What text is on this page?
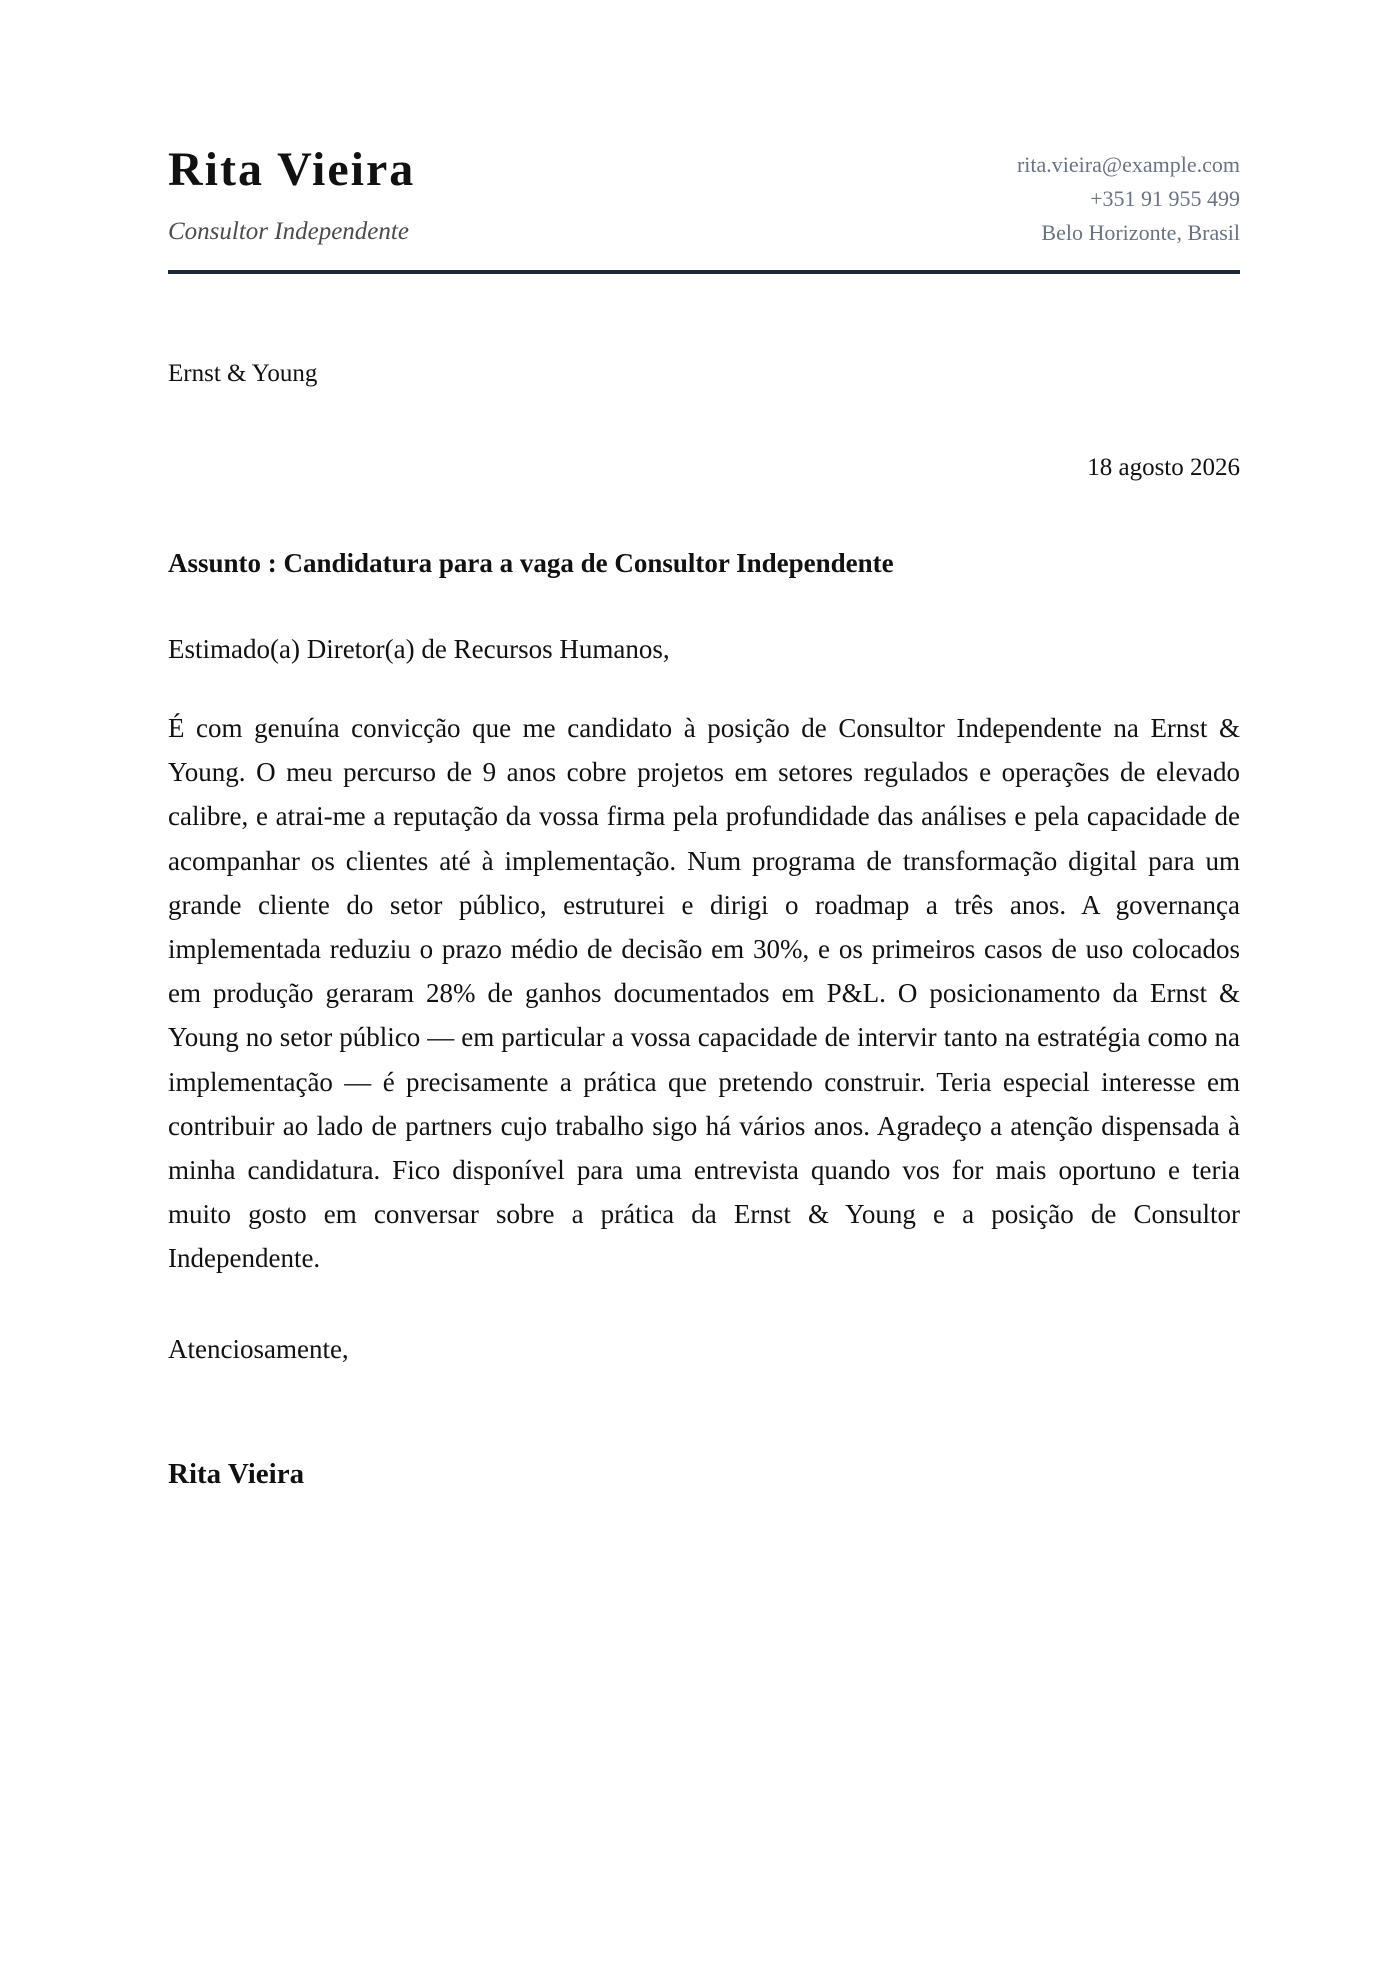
Rita Vieira
Consultor Independente
rita.vieira@example.com
+351 91 955 499
Belo Horizonte, Brasil
Ernst & Young
18 agosto 2026
Assunto : Candidatura para a vaga de Consultor Independente
Estimado(a) Diretor(a) de Recursos Humanos,

É com genuína convicção que me candidato à posição de Consultor Independente na Ernst & Young. O meu percurso de 9 anos cobre projetos em setores regulados e operações de elevado calibre, e atrai-me a reputação da vossa firma pela profundidade das análises e pela capacidade de acompanhar os clientes até à implementação. Num programa de transformação digital para um grande cliente do setor público, estruturei e dirigi o roadmap a três anos. A governança implementada reduziu o prazo médio de decisão em 30%, e os primeiros casos de uso colocados em produção geraram 28% de ganhos documentados em P&L. O posicionamento da Ernst & Young no setor público — em particular a vossa capacidade de intervir tanto na estratégia como na implementação — é precisamente a prática que pretendo construir. Teria especial interesse em contribuir ao lado de partners cujo trabalho sigo há vários anos. Agradeço a atenção dispensada à minha candidatura. Fico disponível para uma entrevista quando vos for mais oportuno e teria muito gosto em conversar sobre a prática da Ernst & Young e a posição de Consultor Independente.

Atenciosamente,
Rita Vieira
